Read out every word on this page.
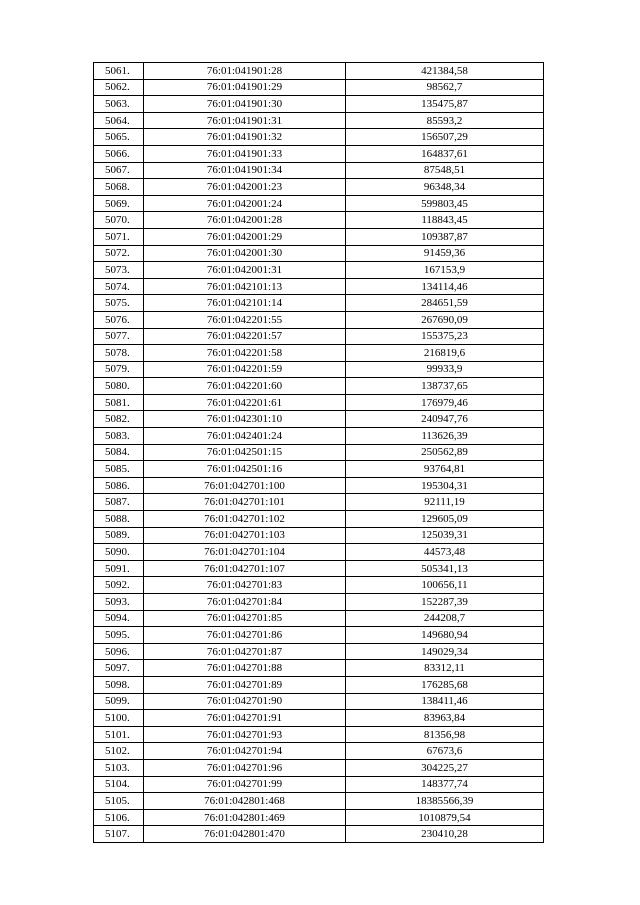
5061.	76:01:041901:28	421384,58
5062.	76:01:041901:29	98562,7
5063.	76:01:041901:30	135475,87
5064.	76:01:041901:31	85593,2
5065.	76:01:041901:32	156507,29
5066.	76:01:041901:33	164837,61
5067.	76:01:041901:34	87548,51
5068.	76:01:042001:23	96348,34
5069.	76:01:042001:24	599803,45
5070.	76:01:042001:28	118843,45
5071.	76:01:042001:29	109387,87
5072.	76:01:042001:30	91459,36
5073.	76:01:042001:31	167153,9
5074.	76:01:042101:13	134114,46
5075.	76:01:042101:14	284651,59
5076.	76:01:042201:55	267690,09
5077.	76:01:042201:57	155375,23
5078.	76:01:042201:58	216819,6
5079.	76:01:042201:59	99933,9
5080.	76:01:042201:60	138737,65
5081.	76:01:042201:61	176979,46
5082.	76:01:042301:10	240947,76
5083.	76:01:042401:24	113626,39
5084.	76:01:042501:15	250562,89
5085.	76:01:042501:16	93764,81
5086.	76:01:042701:100	195304,31
5087.	76:01:042701:101	92111,19
5088.	76:01:042701:102	129605,09
5089.	76:01:042701:103	125039,31
5090.	76:01:042701:104	44573,48
5091.	76:01:042701:107	505341,13
5092.	76:01:042701:83	100656,11
5093.	76:01:042701:84	152287,39
5094.	76:01:042701:85	244208,7
5095.	76:01:042701:86	149680,94
5096.	76:01:042701:87	149029,34
5097.	76:01:042701:88	83312,11
5098.	76:01:042701:89	176285,68
5099.	76:01:042701:90	138411,46
5100.	76:01:042701:91	83963,84
5101.	76:01:042701:93	81356,98
5102.	76:01:042701:94	67673,6
5103.	76:01:042701:96	304225,27
5104.	76:01:042701:99	148377,74
5105.	76:01:042801:468	18385566,39
5106.	76:01:042801:469	1010879,54
5107.	76:01:042801:470	230410,28
